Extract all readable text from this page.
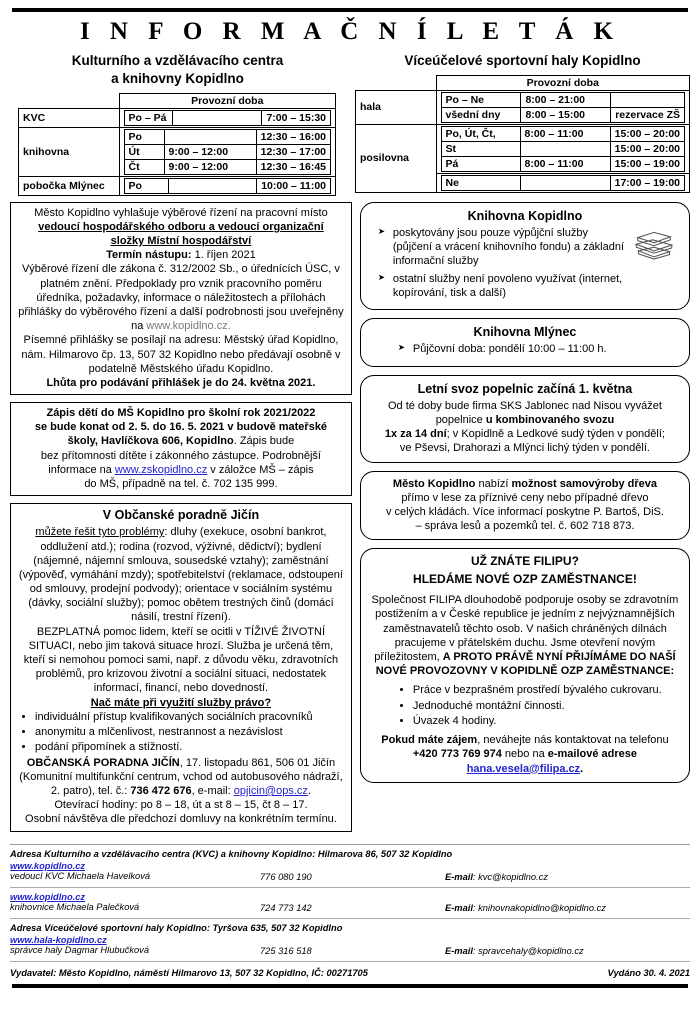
I N F O R M A Č N Í L E T Á K
Kulturního a vzdělávacího centra
a knihovny Kopidlno
	Provozní doba
KVC		Po – Pá		7:00 – 15:30

knihovna	
Po		12:30 – 16:00
Út	9:00 – 12:00	12:30 – 17:00
Čt	9:00 – 12:00	12:30 – 16:45

pobočka Mlýnec	Po		10:00 – 11:00
Víceúčelové sportovní haly Kopidlno
	Provozní doba
hala	
Po – Ne	8:00 – 21:00	
všední dny	8:00 – 15:00	rezervace ZŠ

posilovna	
Po, Út, Čt,	8:00 – 11:00	15:00 – 20:00
St		15:00 – 20:00
Pá	8:00 – 11:00	15:00 – 19:00

Ne		17:00 – 19:00

Město Kopidlno vyhlašuje výběrové řízení na pracovní místo

vedoucí hospodářského odboru a vedoucí organizační

složky Místní hospodářství

Termín nástupu: 1. říjen 2021

Výběrové řízení dle zákona č. 312/2002 Sb., o úřednících ÚSC, v platném znění. Předpoklady pro vznik pracovního poměru úředníka, požadavky, informace o náležitostech a přílohách přihlášky do výběrového řízení a další podrobnosti jsou uveřejněny na www.kopidlno.cz.

Písemné přihlášky se posílají na adresu: Městský úřad Kopidlno, nám. Hilmarovo čp. 13, 507 32 Kopidlno nebo předávají osobně v podatelně Městského úřadu Kopidlno.

Lhůta pro podávání přihlášek je do 24. května 2021.

Zápis dětí do MŠ Kopidlno pro školní rok 2021/2022

se bude konat od 2. 5. do 16. 5. 2021 v budově mateřské

školy, Havlíčkova 606, Kopidlno. Zápis bude

bez přítomnosti dítěte i zákonného zástupce. Podrobnější

informace na www.zskopidlno.cz v záložce MŠ – zápis

do MŠ, případně na tel. č. 702 135 999.

V Občanské poradně Jičín

můžete řešit tyto problémy: dluhy (exekuce, osobní bankrot, oddlužení atd.); rodina (rozvod, výživné, dědictví); bydlení (nájemné, nájemní smlouva, sousedské vztahy); zaměstnání (výpověď, vymáhání mzdy); spotřebitelství (reklamace, odstoupení od smlouvy, prodejní podvody); orientace v sociálním systému (dávky, sociální služby); pomoc obětem trestných činů (domácí násilí, trestní řízení).

BEZPLATNÁ pomoc lidem, kteří se ocitli v TÍŽIVÉ ŽIVOTNÍ SITUACI, nebo jim taková situace hrozí. Služba je určená těm, kteří si nemohou pomoci sami, např. z důvodu věku, zdravotních problémů, pro krizovou životní a sociální situaci, nedostatek informací, financí, nebo dovedností.

Nač máte při využití služby právo?

• individuální přístup kvalifikovaných sociálních pracovníků
• anonymitu a mlčenlivost, nestrannost a nezávislost
• podání připomínek a stížností.

OBČANSKÁ PORADNA JIČÍN, 17. listopadu 861, 506 01 Jičín (Komunitní multifunkční centrum, vchod od autobusového nádraží, 2. patro), tel. č.: 736 472 676, e-mail: opjicin@ops.cz.

Otevírací hodiny: po 8 – 18, út a st 8 – 15, čt 8 – 17.

Osobní návštěva dle předchozí domluvy na konkrétním termínu.

Knihovna Kopidlno
➤ poskytovány jsou pouze výpůjční služby (půjčení a vrácení knihovního fondu) a základní informační služby
➤ ostatní služby není povoleno využívat (internet, kopírování, tisk a další)
Knihovna Mlýnec
➤ Půjčovní doba: pondělí 10:00 – 11:00 h.
Letní svoz popelnic začíná 1. května

Od té doby bude firma SKS Jablonec nad Nisou vyvážet

popelnice u kombinovaného svozu

1x za 14 dní; v Kopidlně a Ledkové sudý týden v pondělí;

ve Pševsi, Drahorazi a Mlýnci lichý týden v pondělí.

Město Kopidlno nabízí možnost samovýroby dřeva

přímo v lese za příznivé ceny nebo případné dřevo

v celých kládách. Více informací poskytne P. Bartoš, DiS.

– správa lesů a pozemků tel. č. 602 718 873.

UŽ ZNÁTE FILIPU?
HLEDÁME NOVÉ OZP ZAMĚSTNANCE!

Společnost FILIPA dlouhodobě podporuje osoby se zdravotním postižením a v České republice je jedním z nejvýznamnějších zaměstnavatelů těchto osob. V našich chráněných dílnách pracujeme v přátelském duchu. Jsme otevření novým příležitostem, A PROTO PRÁVĚ NYNÍ PŘIJÍMÁME DO NAŠÍ NOVÉ PROVOZOVNY V KOPIDLNĚ OZP ZAMĚSTNANCE:

• Práce v bezprašném prostředí bývalého cukrovaru.
• Jednoduché montážní činnosti.
• Úvazek 4 hodiny.

Pokud máte zájem, neváhejte nás kontaktovat na telefonu +420 773 769 974 nebo na e-mailové adrese hana.vesela@filipa.cz.

Adresa Kulturního a vzdělávacího centra (KVC) a knihovny Kopidlno: Hilmarova 86, 507 32 Kopidlno
www.kopidlno.cz
vedoucí KVC Michaela Havelková	776 080 190	E-mail: kvc@kopidlno.cz
www.kopidlno.cz
knihovnice Michaela Palečková	724 773 142	E-mail: knihovnakopidlno@kopidlno.cz
Adresa Víceúčelové sportovní haly Kopidlno: Tyršova 635, 507 32 Kopidlno
www.hala-kopidlno.cz
správce haly Dagmar Hlubučková	725 316 518	E-mail: spravcehaly@kopidlno.cz
Vydavatel: Město Kopidlno, náměstí Hilmarovo 13, 507 32 Kopidlno, IČ: 00271705	Vydáno 30. 4. 2021
